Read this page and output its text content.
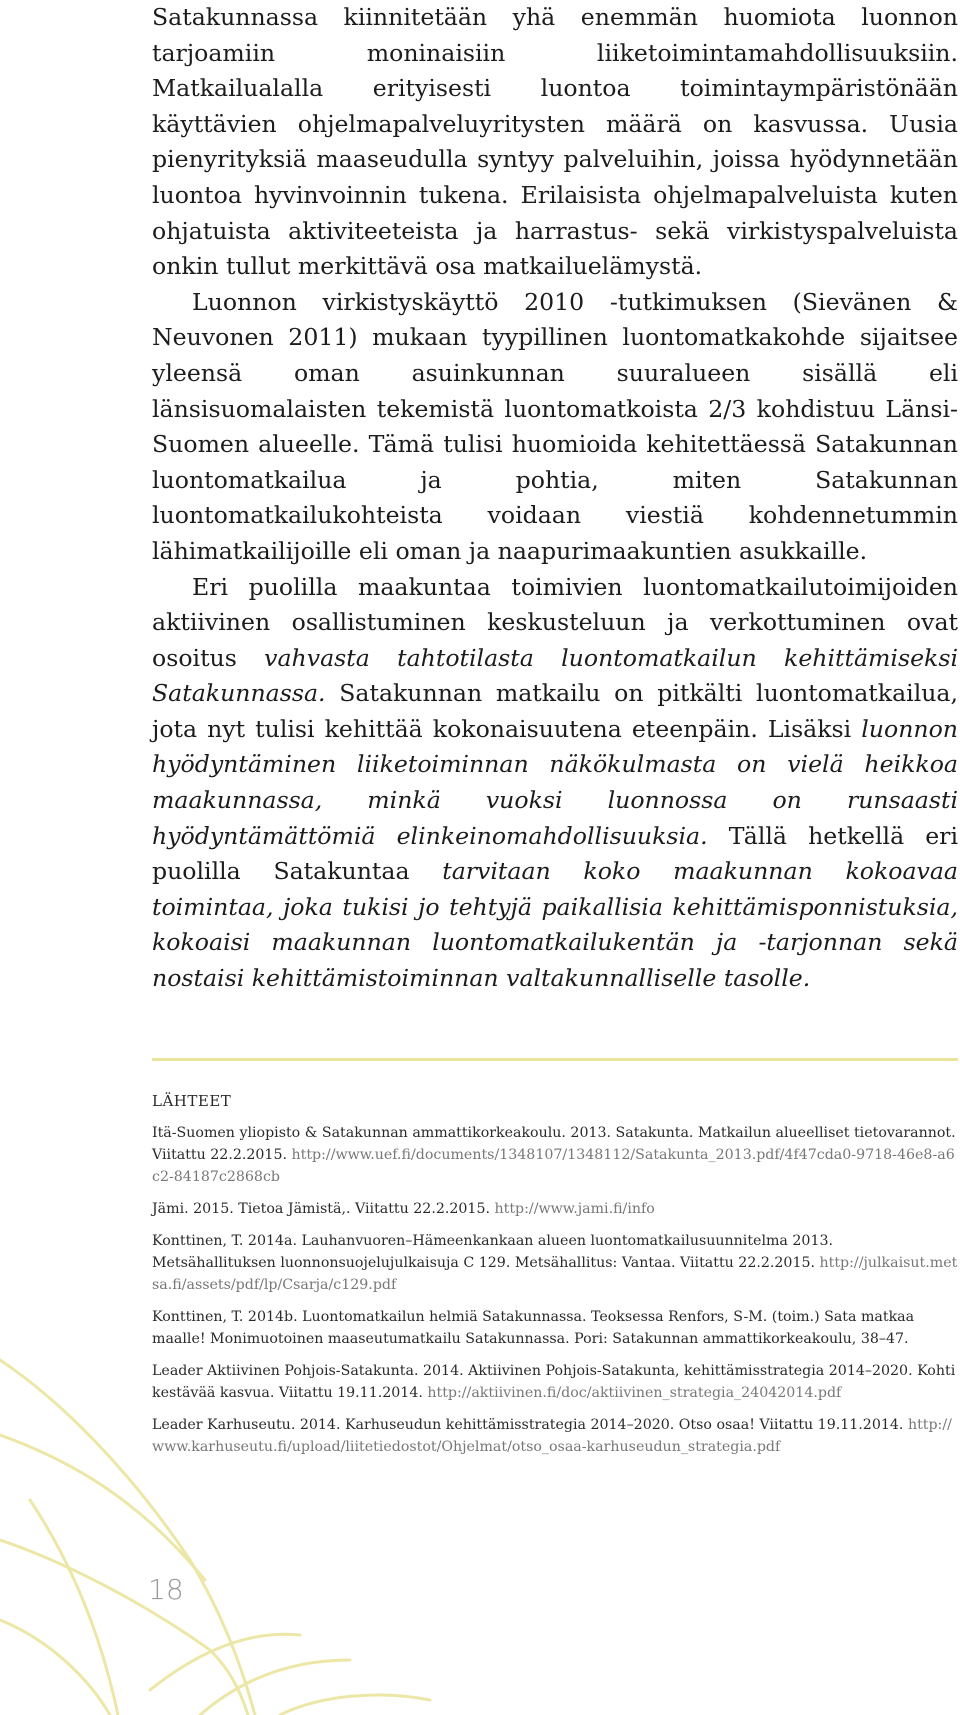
Satakunnassa kiinnitetään yhä enemmän huomiota luonnon tarjoamiin moninaisiin liiketoimintamahdollisuuksiin. Matkailualalla erityisesti luontoa toimintaympäristönään käyttävien ohjelmapalveluyritysten määrä on kasvussa. Uusia pienyrityksiä maaseudulla syntyy palveluihin, joissa hyödynnetään luontoa hyvinvoinnin tukena. Erilaisista ohjelmapalveluista kuten ohjatuista aktiviteeteista ja harrastus- sekä virkistyspalveluista onkin tullut merkittävä osa matkailuelämystä.

Luonnon virkistyskäyttö 2010 -tutkimuksen (Sievänen & Neuvonen 2011) mukaan tyypillinen luontomatkakohde sijaitsee yleensä oman asuinkunnan suuralueen sisällä eli länsisuomalaisten tekemistä luontomatkoista 2/3 kohdistuu Länsi-Suomen alueelle. Tämä tulisi huomioida kehitettäessä Satakunnan luontomatkailua ja pohtia, miten Satakunnan luontomatkailukohteista voidaan viestiä kohdennetummin lähimatkailijoille eli oman ja naapurimaakuntien asukkaille.

Eri puolilla maakuntaa toimivien luontomatkailutoimijoiden aktiivinen osallistuminen keskusteluun ja verkottuminen ovat osoitus vahvasta tahtotilasta luontomatkailun kehittämiseksi Satakunnassa. Satakunnan matkailu on pitkälti luontomatkailua, jota nyt tulisi kehittää kokonaisuutena eteenpäin. Lisäksi luonnon hyödyntäminen liiketoiminnan näkökulmasta on vielä heikkoa maakunnassa, minkä vuoksi luonnossa on runsaasti hyödyntämättömiä elinkeinomahdollisuuksia. Tällä hetkellä eri puolilla Satakuntaa tarvitaan koko maakunnan kokoavaa toimintaa, joka tukisi jo tehtyjä paikallisia kehittämisponnistuksia, kokoaisi maakunnan luontomatkailukentän ja -tarjonnan sekä nostaisi kehittämistoiminnan valtakunnalliselle tasolle.

LÄHTEET
Itä-Suomen yliopisto & Satakunnan ammattikorkeakoulu. 2013. Satakunta. Matkailun alueelliset tietovarannot. Viitattu 22.2.2015. http://www.uef.fi/documents/1348107/1348112/Satakunta_2013.pdf/4f47cda0-9718-46e8-a6c2-84187c2868cb
Jämi. 2015. Tietoa Jämistä,. Viitattu 22.2.2015. http://www.jami.fi/info
Konttinen, T. 2014a. Lauhanvuoren–Hämeenkankaan alueen luontomatkailusuunnitelma 2013. Metsähallituksen luonnonsuojelujulkaisuja C 129. Metsähallitus: Vantaa. Viitattu 22.2.2015. http://julkaisut.metsa.fi/assets/pdf/lp/Csarja/c129.pdf
Konttinen, T. 2014b. Luontomatkailun helmiä Satakunnassa. Teoksessa Renfors, S-M. (toim.) Sata matkaa maalle! Monimuotoinen maaseutumatkailu Satakunnassa. Pori: Satakunnan ammattikorkeakoulu, 38–47.
Leader Aktiivinen Pohjois-Satakunta. 2014. Aktiivinen Pohjois-Satakunta, kehittämisstrategia 2014–2020. Kohti kestävää kasvua. Viitattu 19.11.2014. http://aktiivinen.fi/doc/aktiivinen_strategia_24042014.pdf
Leader Karhuseutu. 2014. Karhuseudun kehittämisstrategia 2014–2020. Otso osaa! Viitattu 19.11.2014. http://www.karhuseutu.fi/upload/liitetiedostot/Ohjelmat/otso_osaa-karhuseudun_strategia.pdf
18
